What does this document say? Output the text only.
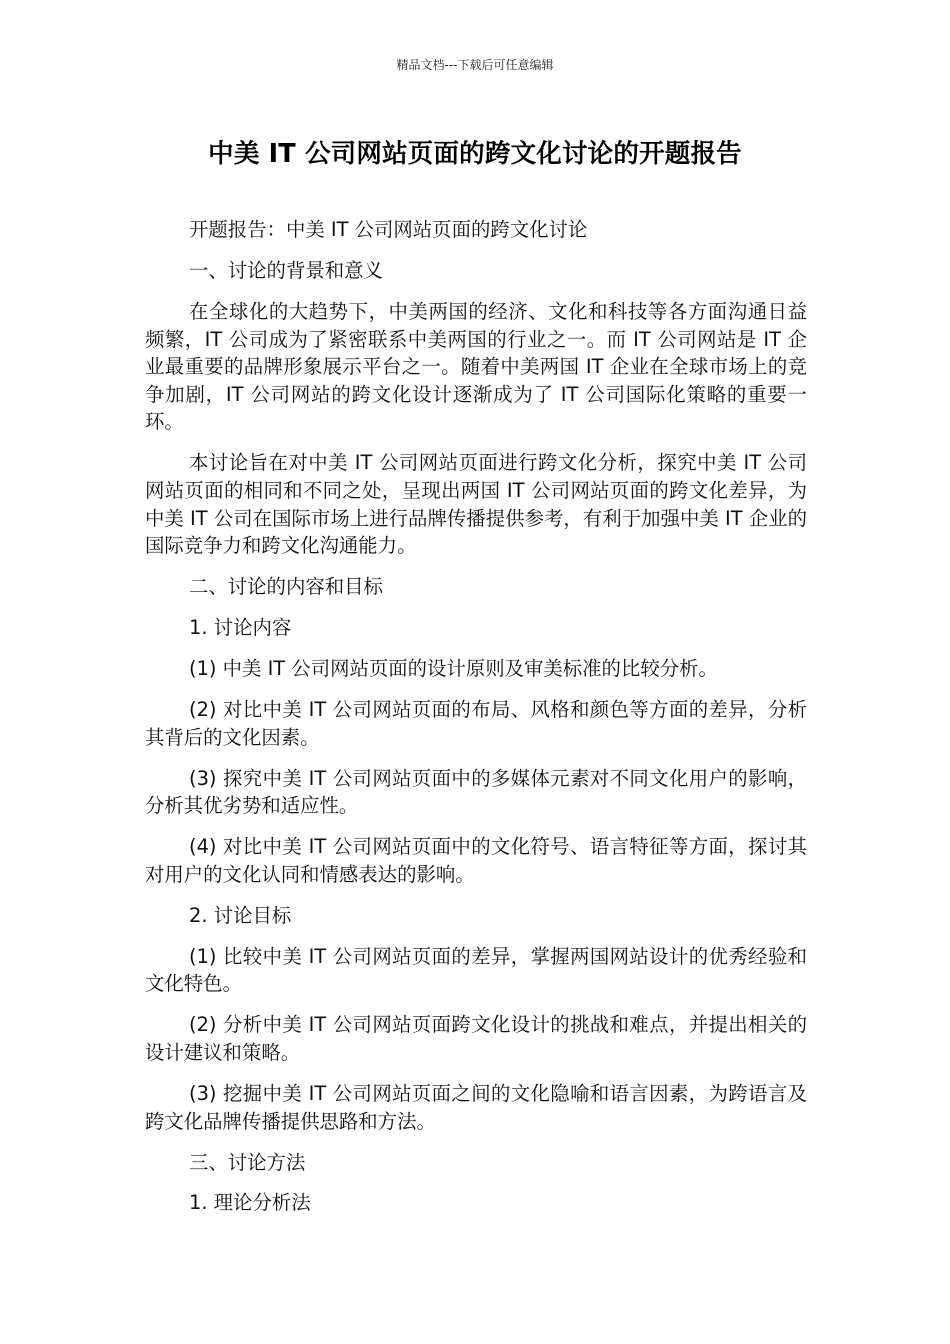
精品文档---下载后可任意编辑
中美 IT 公司网站页面的跨文化讨论的开题报告

开题报告：中美 IT 公司网站页面的跨文化讨论

一、讨论的背景和意义

在全球化的大趋势下，中美两国的经济、文化和科技等各方面沟通日益频繁，IT 公司成为了紧密联系中美两国的行业之一。而 IT 公司网站是 IT 企业最重要的品牌形象展示平台之一。随着中美两国 IT 企业在全球市场上的竞争加剧，IT 公司网站的跨文化设计逐渐成为了 IT 公司国际化策略的重要一环。

本讨论旨在对中美 IT 公司网站页面进行跨文化分析，探究中美 IT 公司网站页面的相同和不同之处，呈现出两国 IT 公司网站页面的跨文化差异，为中美 IT 公司在国际市场上进行品牌传播提供参考，有利于加强中美 IT 企业的国际竞争力和跨文化沟通能力。

二、讨论的内容和目标

1. 讨论内容

(1) 中美 IT 公司网站页面的设计原则及审美标准的比较分析。

(2) 对比中美 IT 公司网站页面的布局、风格和颜色等方面的差异，分析其背后的文化因素。

(3) 探究中美 IT 公司网站页面中的多媒体元素对不同文化用户的影响，分析其优劣势和适应性。

(4) 对比中美 IT 公司网站页面中的文化符号、语言特征等方面，探讨其对用户的文化认同和情感表达的影响。

2. 讨论目标

(1) 比较中美 IT 公司网站页面的差异，掌握两国网站设计的优秀经验和文化特色。

(2) 分析中美 IT 公司网站页面跨文化设计的挑战和难点，并提出相关的设计建议和策略。

(3) 挖掘中美 IT 公司网站页面之间的文化隐喻和语言因素，为跨语言及跨文化品牌传播提供思路和方法。

三、讨论方法

1. 理论分析法
